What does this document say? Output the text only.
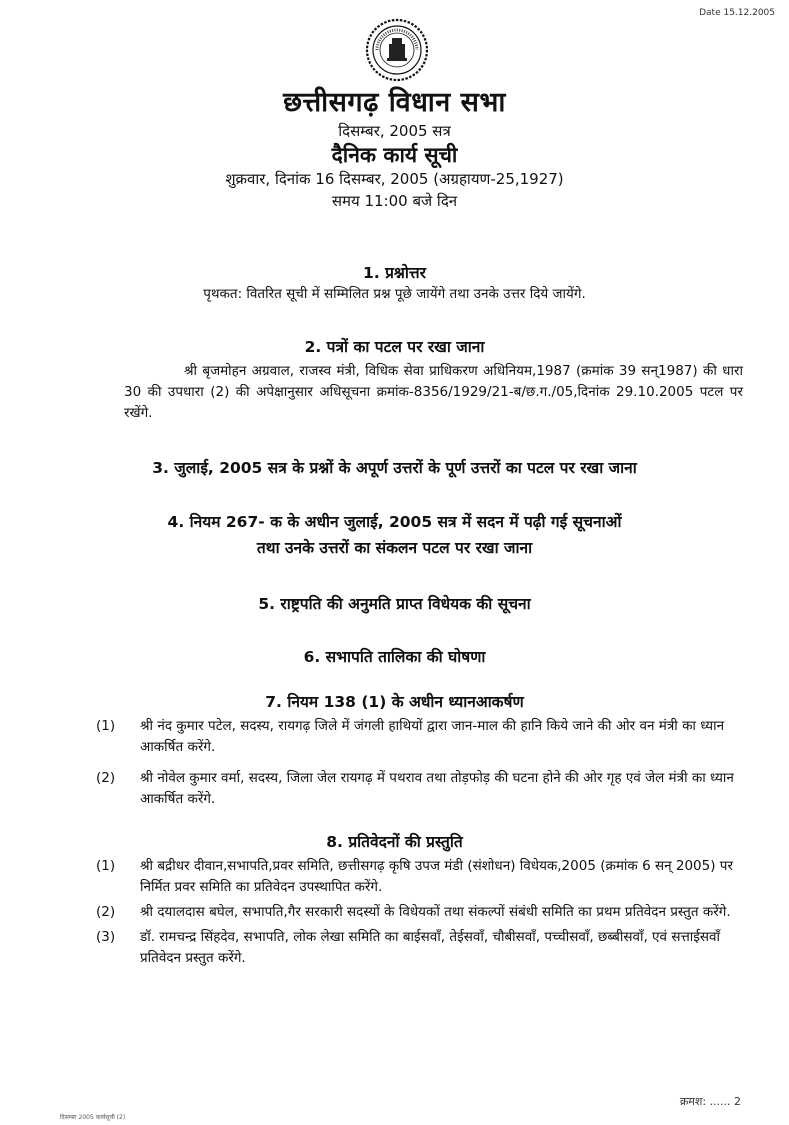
Date 15.12.2005
छत्तीसगढ़ विधान सभा
दिसम्बर, 2005 सत्र
दैनिक कार्य सूची
शुक्रवार, दिनांक 16 दिसम्बर, 2005 (अग्रहायण-25,1927)
समय 11:00 बजे दिन
1. प्रश्नोत्तर
पृथकत: वितरित सूची में सम्मिलित प्रश्न पूछे जायेंगे तथा उनके उत्तर दिये जायेंगे.
2. पत्रों का पटल पर रखा जाना
श्री बृजमोहन अग्रवाल, राजस्व मंत्री, विधिक सेवा प्राधिकरण अधिनियम,1987 (क्रमांक 39 सन्1987) की धारा 30 की उपधारा (2) की अपेक्षानुसार अधिसूचना क्रमांक-8356/1929/21-ब/छ.ग./05,दिनांक 29.10.2005 पटल पर रखेंगे.
3. जुलाई, 2005 सत्र के प्रश्नों के अपूर्ण उत्तरों के पूर्ण उत्तरों का पटल पर रखा जाना
4. नियम 267- क के अधीन जुलाई, 2005 सत्र में सदन में पढ़ी गई सूचनाओं
तथा उनके उत्तरों का संकलन पटल पर रखा जाना
5. राष्ट्रपति की अनुमति प्राप्त विधेयक की सूचना
6. सभापति तालिका की घोषणा
7. नियम 138 (1) के अधीन ध्यानआकर्षण
(1)	श्री नंद कुमार पटेल, सदस्य, रायगढ़ जिले में जंगली हाथियों द्वारा जान-माल की हानि किये जाने की ओर वन मंत्री का ध्यान आकर्षित करेंगे.
(2)	श्री नोवेल कुमार वर्मा, सदस्य, जिला जेल रायगढ़ में पथराव तथा तोड़फोड़ की घटना होने की ओर गृह एवं जेल मंत्री का ध्यान आकर्षित करेंगे.
8. प्रतिवेदनों की प्रस्तुति
(1)	श्री बद्रीधर दीवान,सभापति,प्रवर समिति, छत्तीसगढ़ कृषि उपज मंडी (संशोधन) विधेयक,2005 (क्रमांक 6 सन् 2005) पर निर्मित प्रवर समिति का प्रतिवेदन उपस्थापित करेंगे.
(2)	श्री दयालदास बघेल, सभापति,गैर सरकारी सदस्यों के विधेयकों तथा संकल्पों संबंधी समिति का प्रथम प्रतिवेदन प्रस्तुत करेंगे.
(3)	डॉ. रामचन्द्र सिंहदेव, सभापति, लोक लेखा समिति का बाईसवाँ, तेईसवाँ, चौबीसवाँ, पच्चीसवाँ, छब्बीसवाँ, एवं सत्ताईसवाँ प्रतिवेदन प्रस्तुत करेंगे.
क्रमश: ...... 2
दिसम्बर 2005 कार्यसूची (2)
